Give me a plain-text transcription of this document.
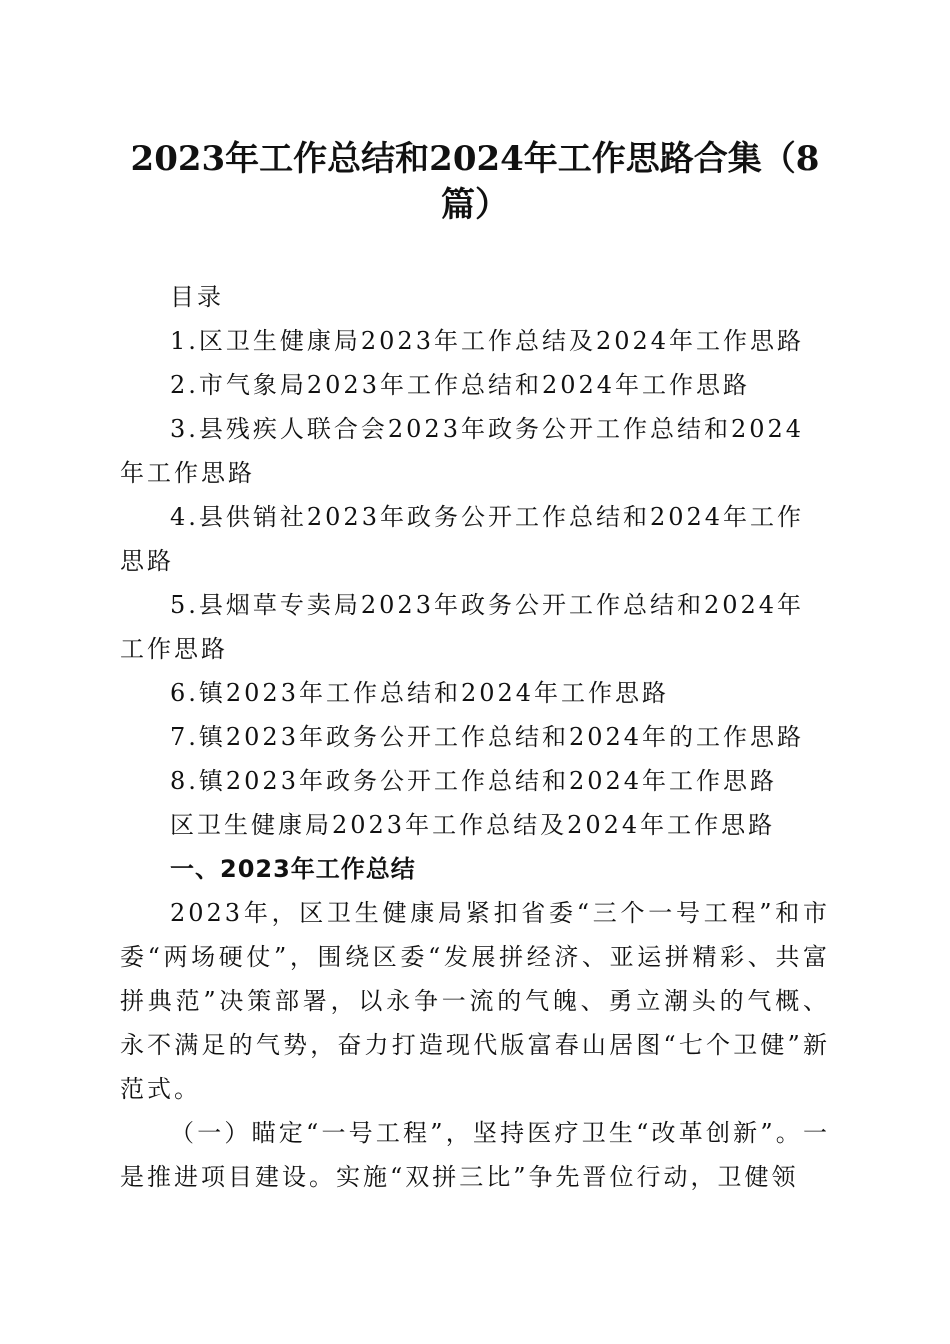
2023年工作总结和2024年工作思路合集（8篇）

目录

1.区卫生健康局2023年工作总结及2024年工作思路

2.市气象局2023年工作总结和2024年工作思路

3.县残疾人联合会2023年政务公开工作总结和2024年工作思路

4.县供销社2023年政务公开工作总结和2024年工作思路

5.县烟草专卖局2023年政务公开工作总结和2024年工作思路

6.镇2023年工作总结和2024年工作思路

7.镇2023年政务公开工作总结和2024年的工作思路

8.镇2023年政务公开工作总结和2024年工作思路

区卫生健康局2023年工作总结及2024年工作思路

一、2023年工作总结

2023年，区卫生健康局紧扣省委“三个一号工程”和市委“两场硬仗”，围绕区委“发展拼经济、亚运拼精彩、共富拼典范”决策部署，以永争一流的气魄、勇立潮头的气概、永不满足的气势，奋力打造现代版富春山居图“七个卫健”新范式。

（一）瞄定“一号工程”，坚持医疗卫生“改革创新”。一是推进项目建设。实施“双拼三比”争先晋位行动，卫健领
